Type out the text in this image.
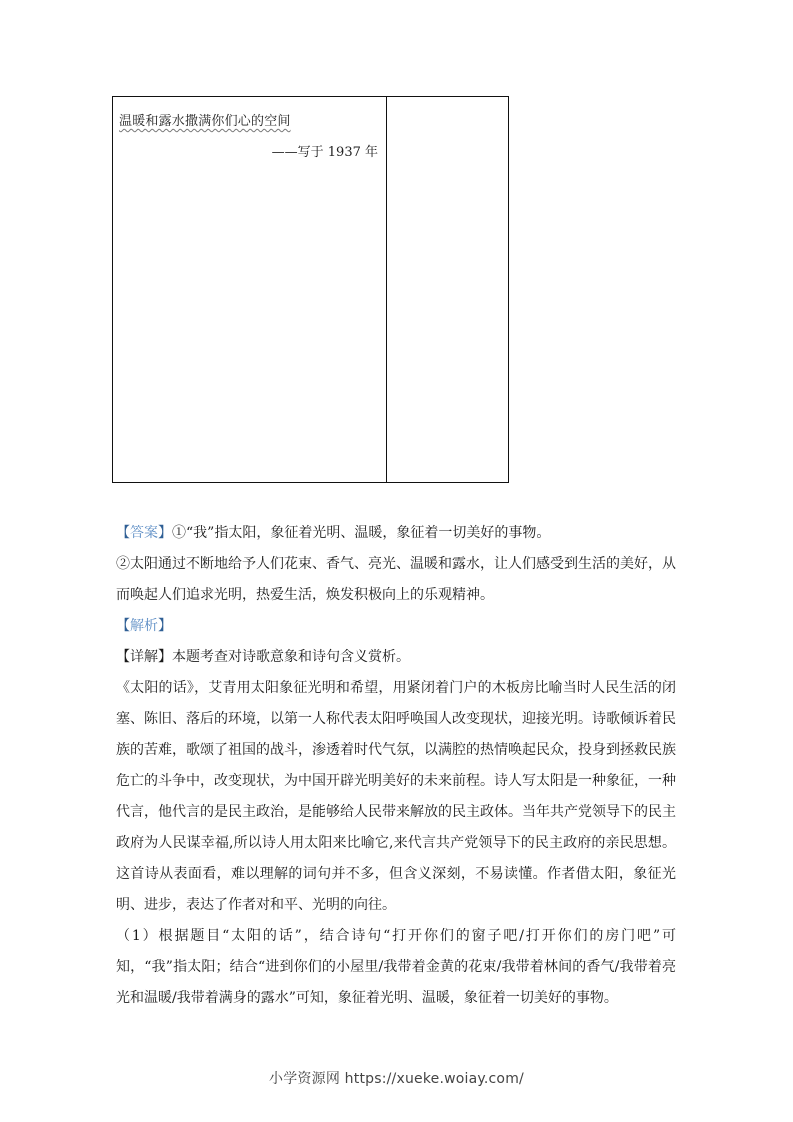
温暖和露水撒满你们心的空间
——写于 1937 年

【答案】①“我”指太阳，象征着光明、温暖，象征着一切美好的事物。

②太阳通过不断地给予人们花束、香气、亮光、温暖和露水，让人们感受到生活的美好，从而唤起人们追求光明，热爱生活，焕发积极向上的乐观精神。

【解析】

【详解】本题考查对诗歌意象和诗句含义赏析。

《太阳的话》，艾青用太阳象征光明和希望，用紧闭着门户的木板房比喻当时人民生活的闭塞、陈旧、落后的环境，以第一人称代表太阳呼唤国人改变现状，迎接光明。诗歌倾诉着民族的苦难，歌颂了祖国的战斗，渗透着时代气氛，以满腔的热情唤起民众，投身到拯救民族危亡的斗争中，改变现状，为中国开辟光明美好的未来前程。诗人写太阳是一种象征，一种代言，他代言的是民主政治，是能够给人民带来解放的民主政体。当年共产党领导下的民主政府为人民谋幸福,所以诗人用太阳来比喻它,来代言共产党领导下的民主政府的亲民思想。这首诗从表面看，难以理解的词句并不多，但含义深刻，不易读懂。作者借太阳，象征光明、进步，表达了作者对和平、光明的向往。

（1）根据题目“太阳的话”，结合诗句“打开你们的窗子吧/打开你们的房门吧”可知，“我”指太阳；结合“进到你们的小屋里/我带着金黄的花束/我带着林间的香气/我带着亮光和温暖/我带着满身的露水”可知，象征着光明、温暖，象征着一切美好的事物。

小学资源网 https://xueke.woiay.com/
